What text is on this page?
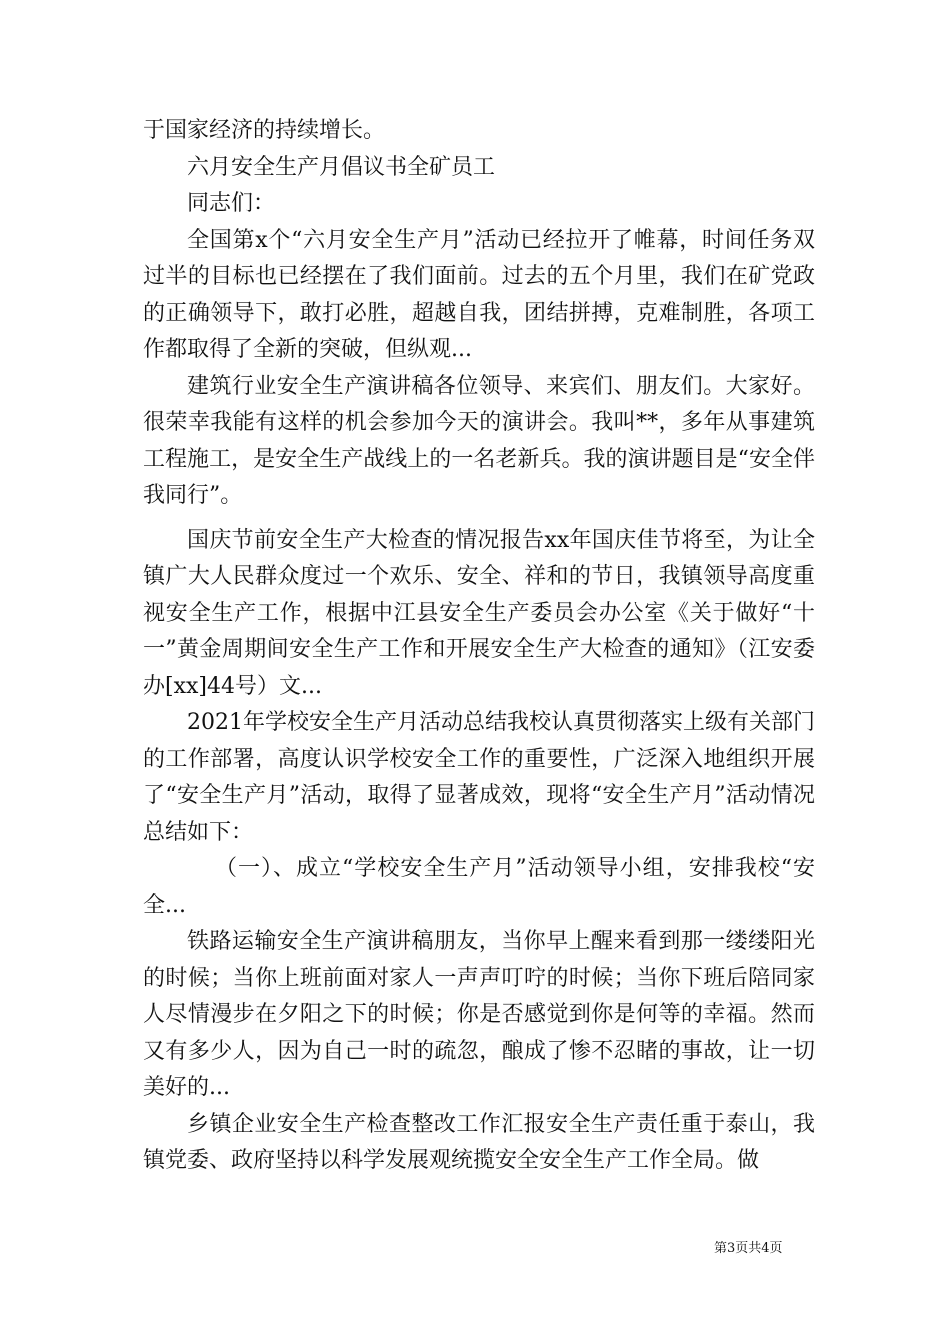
于国家经济的持续增长。

六月安全生产月倡议书全矿员工

同志们：

全国第x个“六月安全生产月”活动已经拉开了帷幕，时间任务双过半的目标也已经摆在了我们面前。过去的五个月里，我们在矿党政的正确领导下，敢打必胜，超越自我，团结拼搏，克难制胜，各项工作都取得了全新的突破，但纵观...

建筑行业安全生产演讲稿各位领导、来宾们、朋友们。大家好。很荣幸我能有这样的机会参加今天的演讲会。我叫**，多年从事建筑工程施工，是安全生产战线上的一名老新兵。我的演讲题目是“安全伴我同行”。

国庆节前安全生产大检查的情况报告xx年国庆佳节将至，为让全镇广大人民群众度过一个欢乐、安全、祥和的节日，我镇领导高度重视安全生产工作，根据中江县安全生产委员会办公室《关于做好“十一”黄金周期间安全生产工作和开展安全生产大检查的通知》（江安委办[xx]44号）文...

2021年学校安全生产月活动总结我校认真贯彻落实上级有关部门的工作部署，高度认识学校安全工作的重要性，广泛深入地组织开展了“安全生产月”活动，取得了显著成效，现将“安全生产月”活动情况总结如下：

（一）、成立“学校安全生产月”活动领导小组，安排我校“安全...

铁路运输安全生产演讲稿朋友，当你早上醒来看到那一缕缕阳光的时候；当你上班前面对家人一声声叮咛的时候；当你下班后陪同家人尽情漫步在夕阳之下的时候；你是否感觉到你是何等的幸福。然而又有多少人，因为自己一时的疏忽，酿成了惨不忍睹的事故，让一切美好的...

乡镇企业安全生产检查整改工作汇报安全生产责任重于泰山，我镇党委、政府坚持以科学发展观统揽安全安全生产工作全局。做

第3页共4页
